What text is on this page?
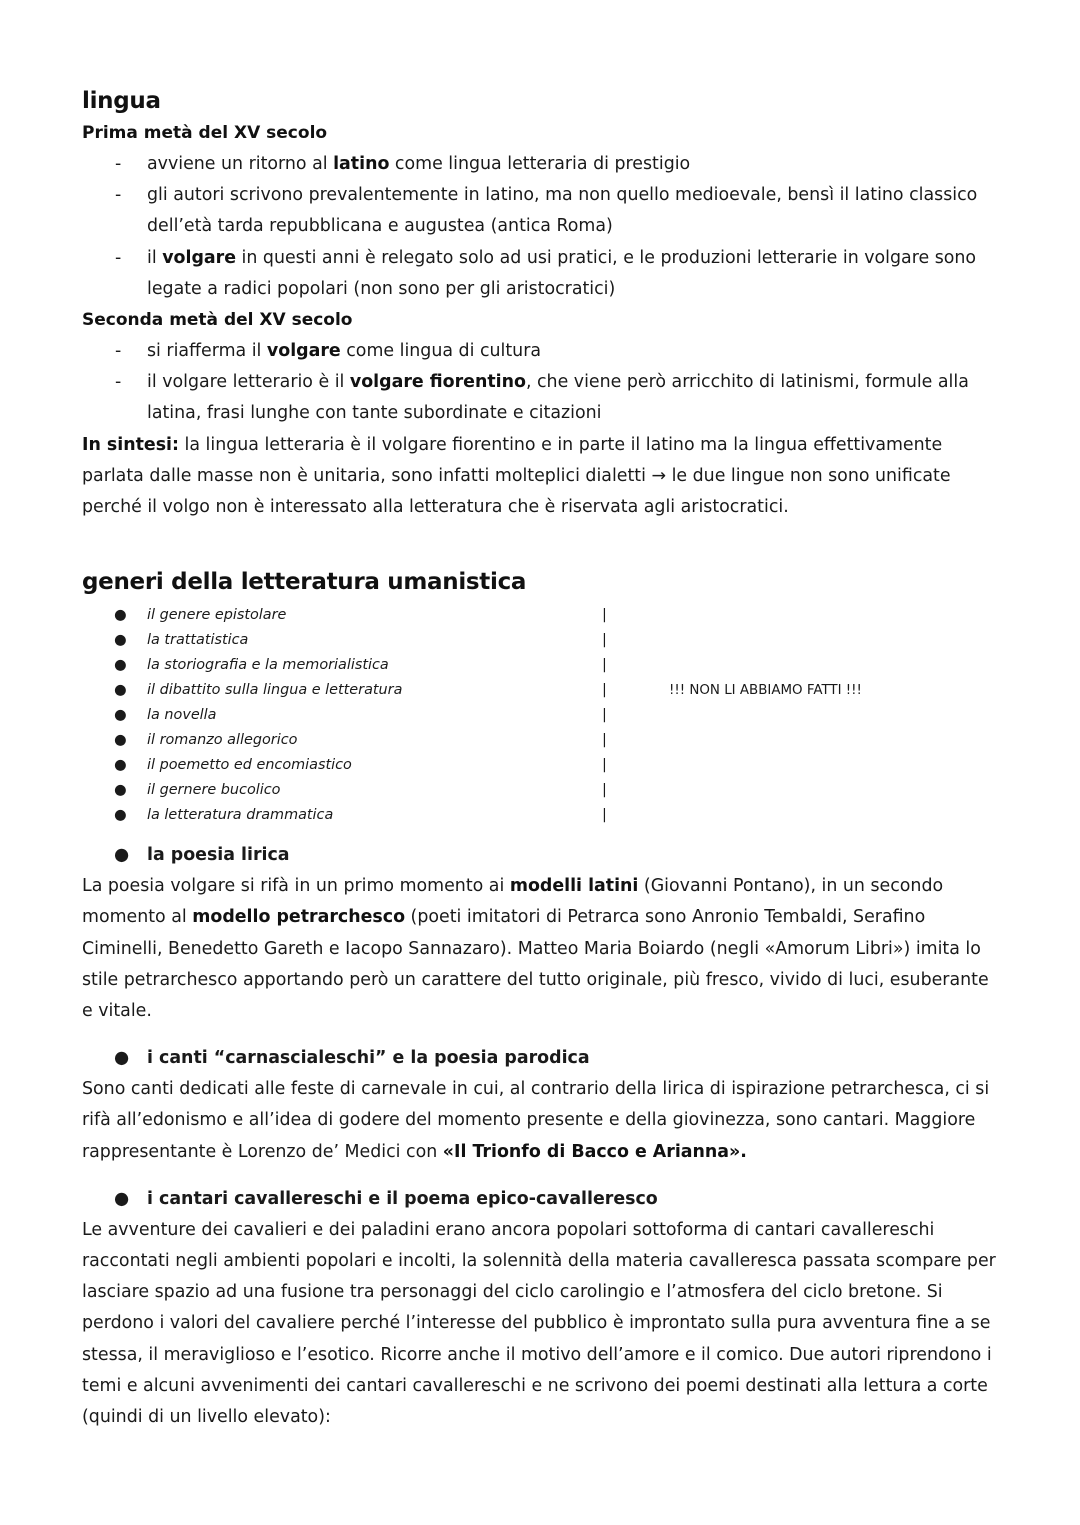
lingua

Prima metà del XV secolo

- avviene un ritorno al latino come lingua letteraria di prestigio
- gli autori scrivono prevalentemente in latino, ma non quello medioevale, bensì il latino classico dell’età tarda repubblicana e augustea (antica Roma)
- il volgare in questi anni è relegato solo ad usi pratici, e le produzioni letterarie in volgare sono legate a radici popolari (non sono per gli aristocratici)

Seconda metà del XV secolo

- si riafferma il volgare come lingua di cultura
- il volgare letterario è il volgare fiorentino, che viene però arricchito di latinismi, formule alla latina, frasi lunghe con tante subordinate e citazioni

In sintesi: la lingua letteraria è il volgare fiorentino e in parte il latino ma la lingua effettivamente parlata dalle masse non è unitaria, sono infatti molteplici dialetti → le due lingue non sono unificate perché il volgo non è interessato alla letteratura che è riservata agli aristocratici.

generi della letteratura umanistica
● il genere epistolare	|
● la trattatistica	|
● la storiografia e la memorialistica	|
● il dibattito sulla lingua e letteratura	|
● la novella	|
● il romanzo allegorico	|
● il poemetto ed encomiastico	|
● il gernere bucolico	|
● la letteratura drammatica	|
!!! NON LI ABBIAMO FATTI !!!

● la poesia lirica

La poesia volgare si rifà in un primo momento ai modelli latini (Giovanni Pontano), in un secondo momento al modello petrarchesco (poeti imitatori di Petrarca sono Anronio Tembaldi, Serafino Ciminelli, Benedetto Gareth e Iacopo Sannazaro). Matteo Maria Boiardo (negli «Amorum Libri») imita lo stile petrarchesco apportando però un carattere del tutto originale, più fresco, vivido di luci, esuberante e vitale.

● i canti “carnascialeschi” e la poesia parodica

Sono canti dedicati alle feste di carnevale in cui, al contrario della lirica di ispirazione petrarchesca, ci si rifà all’edonismo e all’idea di godere del momento presente e della giovinezza, sono cantari. Maggiore rappresentante è Lorenzo de’ Medici con «Il Trionfo di Bacco e Arianna».

● i cantari cavallereschi e il poema epico-cavalleresco

Le avventure dei cavalieri e dei paladini erano ancora popolari sottoforma di cantari cavallereschi raccontati negli ambienti popolari e incolti, la solennità della materia cavalleresca passata scompare per lasciare spazio ad una fusione tra personaggi del ciclo carolingio e l’atmosfera del ciclo bretone. Si perdono i valori del cavaliere perché l’interesse del pubblico è improntato sulla pura avventura fine a se stessa, il meraviglioso e l’esotico. Ricorre anche il motivo dell’amore e il comico. Due autori riprendono i temi e alcuni avvenimenti dei cantari cavallereschi e ne scrivono dei poemi destinati alla lettura a corte (quindi di un livello elevato):
